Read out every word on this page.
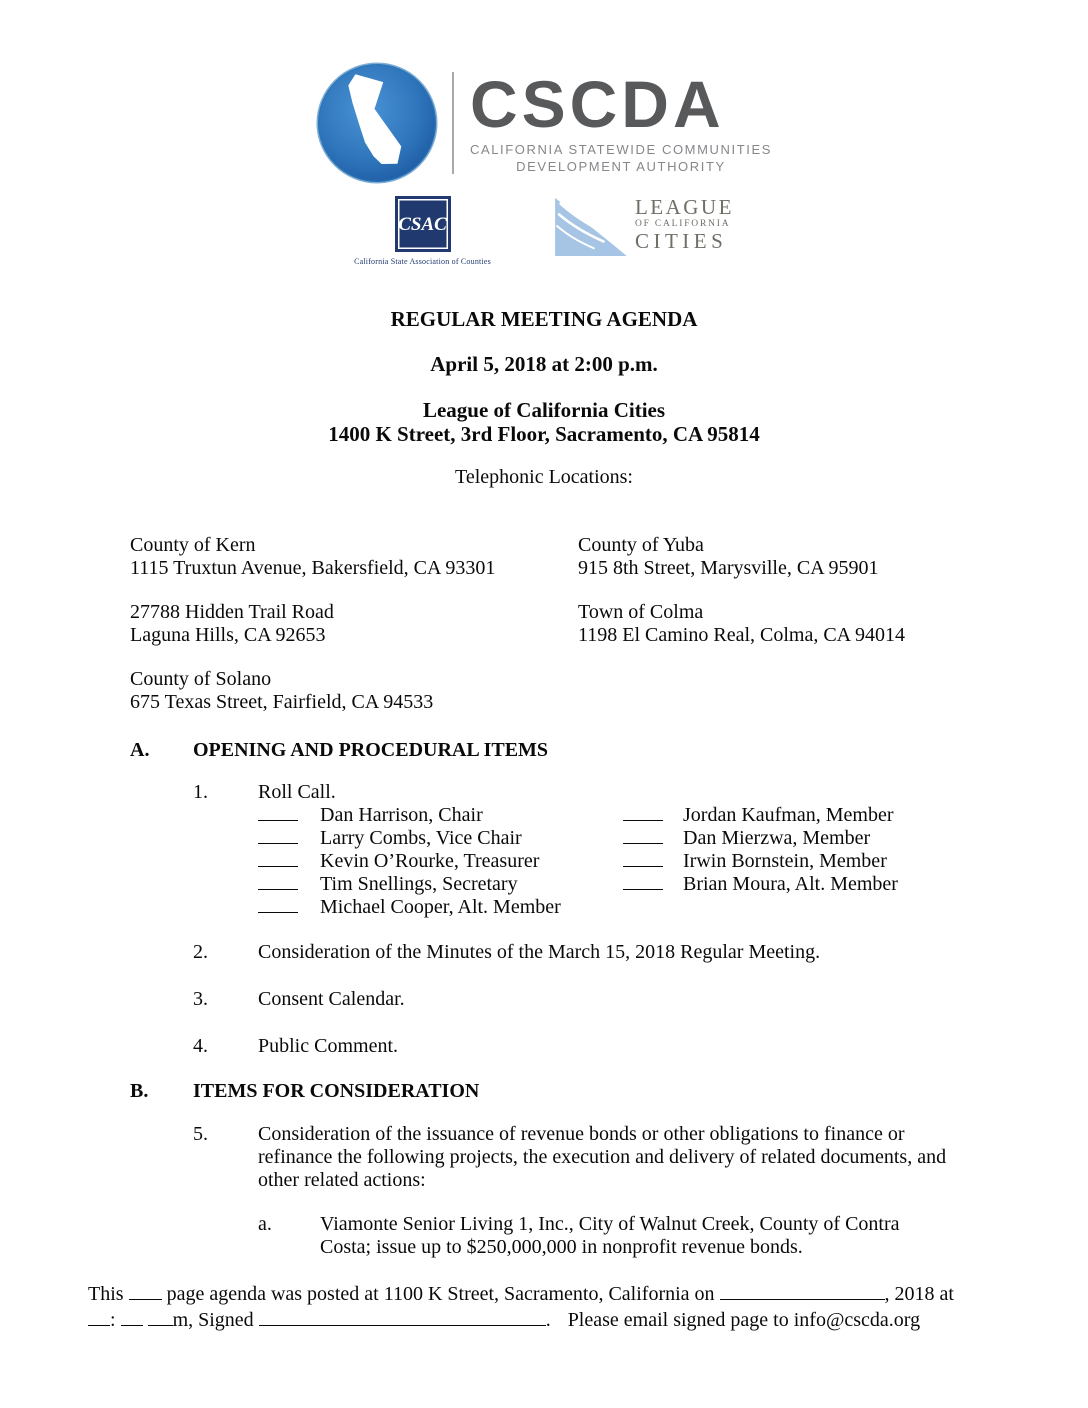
CSCDA
CALIFORNIA STATEWIDE COMMUNITIES
DEVELOPMENT AUTHORITY
CSAC
California State Association of Counties
LEAGUE
OF CALIFORNIA
CITIES
REGULAR MEETING AGENDA
April 5, 2018 at 2:00 p.m.
League of California Cities
1400 K Street, 3rd Floor, Sacramento, CA 95814
Telephonic Locations:
County of Kern
1115 Truxtun Avenue, Bakersfield, CA 93301
County of Yuba
915 8th Street, Marysville, CA 95901
27788 Hidden Trail Road
Laguna Hills, CA 92653
Town of Colma
1198 El Camino Real, Colma, CA 94014
County of Solano
675 Texas Street, Fairfield, CA 94533
A. OPENING AND PROCEDURAL ITEMS
1.	Roll Call.
Dan Harrison, Chair	Jordan Kaufman, Member
Larry Combs, Vice Chair	Dan Mierzwa, Member
Kevin O’Rourke, Treasurer	Irwin Bornstein, Member
Tim Snellings, Secretary	Brian Moura, Alt. Member
Michael Cooper, Alt. Member
2.	Consideration of the Minutes of the March 15, 2018 Regular Meeting.
3.	Consent Calendar.
4.	Public Comment.
B. ITEMS FOR CONSIDERATION
5.	Consideration of the issuance of revenue bonds or other obligations to finance or refinance the following projects, the execution and delivery of related documents, and other related actions:
a.	Viamonte Senior Living 1, Inc., City of Walnut Creek, County of Contra Costa; issue up to $250,000,000 in nonprofit revenue bonds.
This page agenda was posted at 1100 K Street, Sacramento, California on	, 2018 at
:	m, Signed	. Please email signed page to info@cscda.org
